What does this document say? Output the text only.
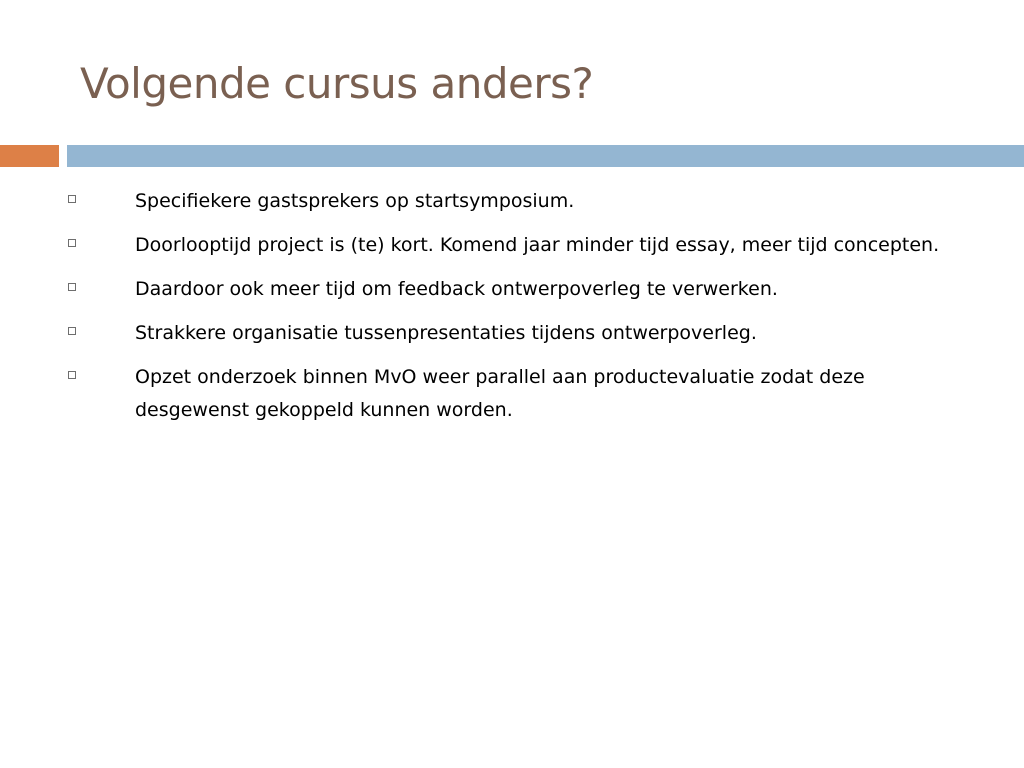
Volgende cursus anders?
Specifiekere gastsprekers op startsymposium.
Doorlooptijd project is (te) kort. Komend jaar minder tijd essay, meer tijd concepten.
Daardoor ook meer tijd om feedback ontwerpoverleg te verwerken.
Strakkere organisatie tussenpresentaties tijdens ontwerpoverleg.
Opzet onderzoek binnen MvO weer parallel aan productevaluatie zodat deze desgewenst gekoppeld kunnen worden.
